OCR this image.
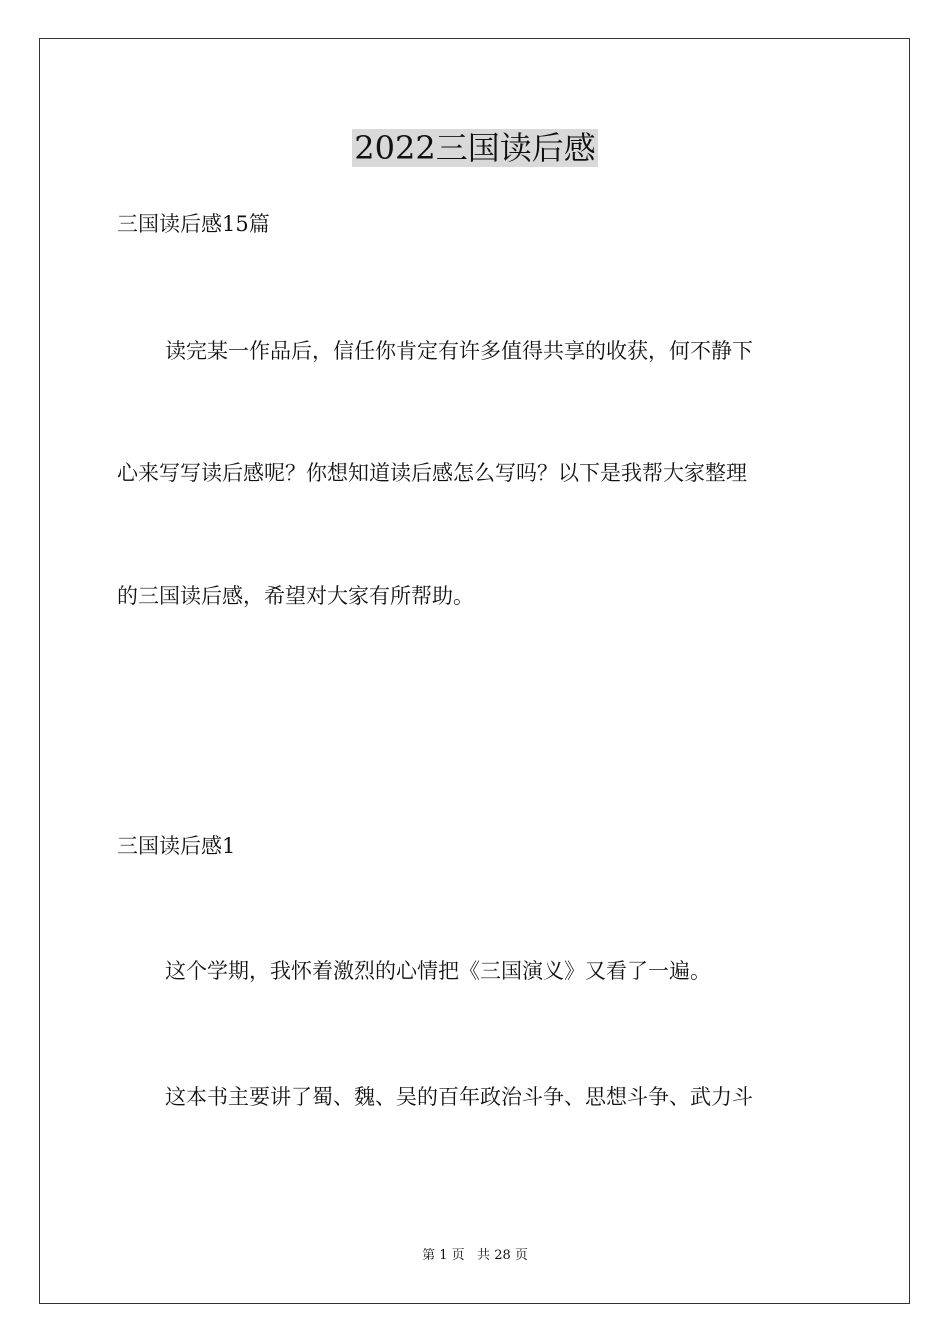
2022三国读后感
三国读后感15篇
读完某一作品后，信任你肯定有许多值得共享的收获，何不静下
心来写写读后感呢？你想知道读后感怎么写吗？以下是我帮大家整理
的三国读后感，希望对大家有所帮助。
三国读后感1
这个学期，我怀着激烈的心情把《三国演义》又看了一遍。
这本书主要讲了蜀、魏、吴的百年政治斗争、思想斗争、武力斗
第 1 页   共 28 页
